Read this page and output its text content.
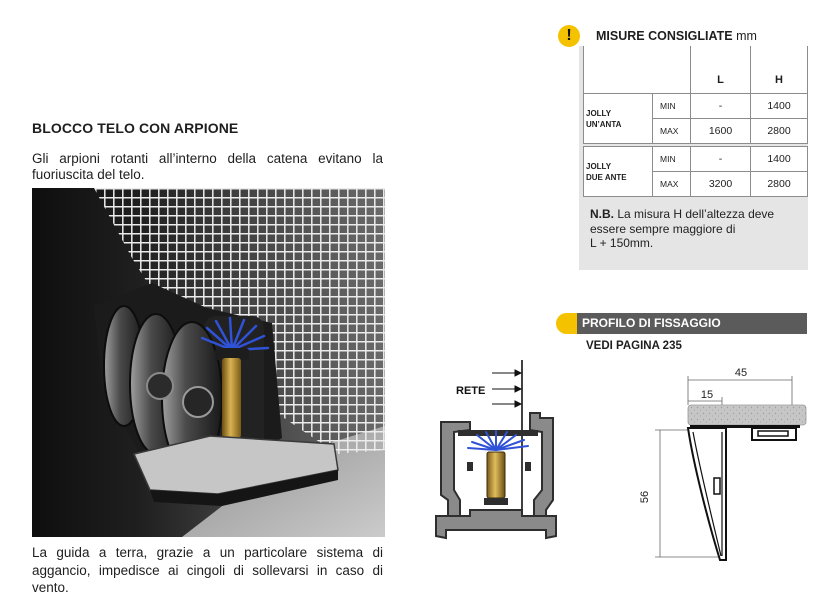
BLOCCO TELO CON ARPIONE
Gli arpioni rotanti all’interno della catena evitano la fuoriuscita del telo.
La guida a terra, grazie a un particolare sistema di aggancio, impedisce ai cingoli di sollevarsi in caso di vento.
!	MISURE CONSIGLIATE mm
L	H
JOLLY
UN’ANTA
MIN	-	1400
MAX	1600	2800
JOLLY
DUE ANTE
MIN	-	1400
MAX	3200	2800
N.B. La misura H dell’altezza deve essere sempre maggiore di
L + 150mm.
PROFILO DI FISSAGGIO
VEDI PAGINA 235
RETE
45
15
56
